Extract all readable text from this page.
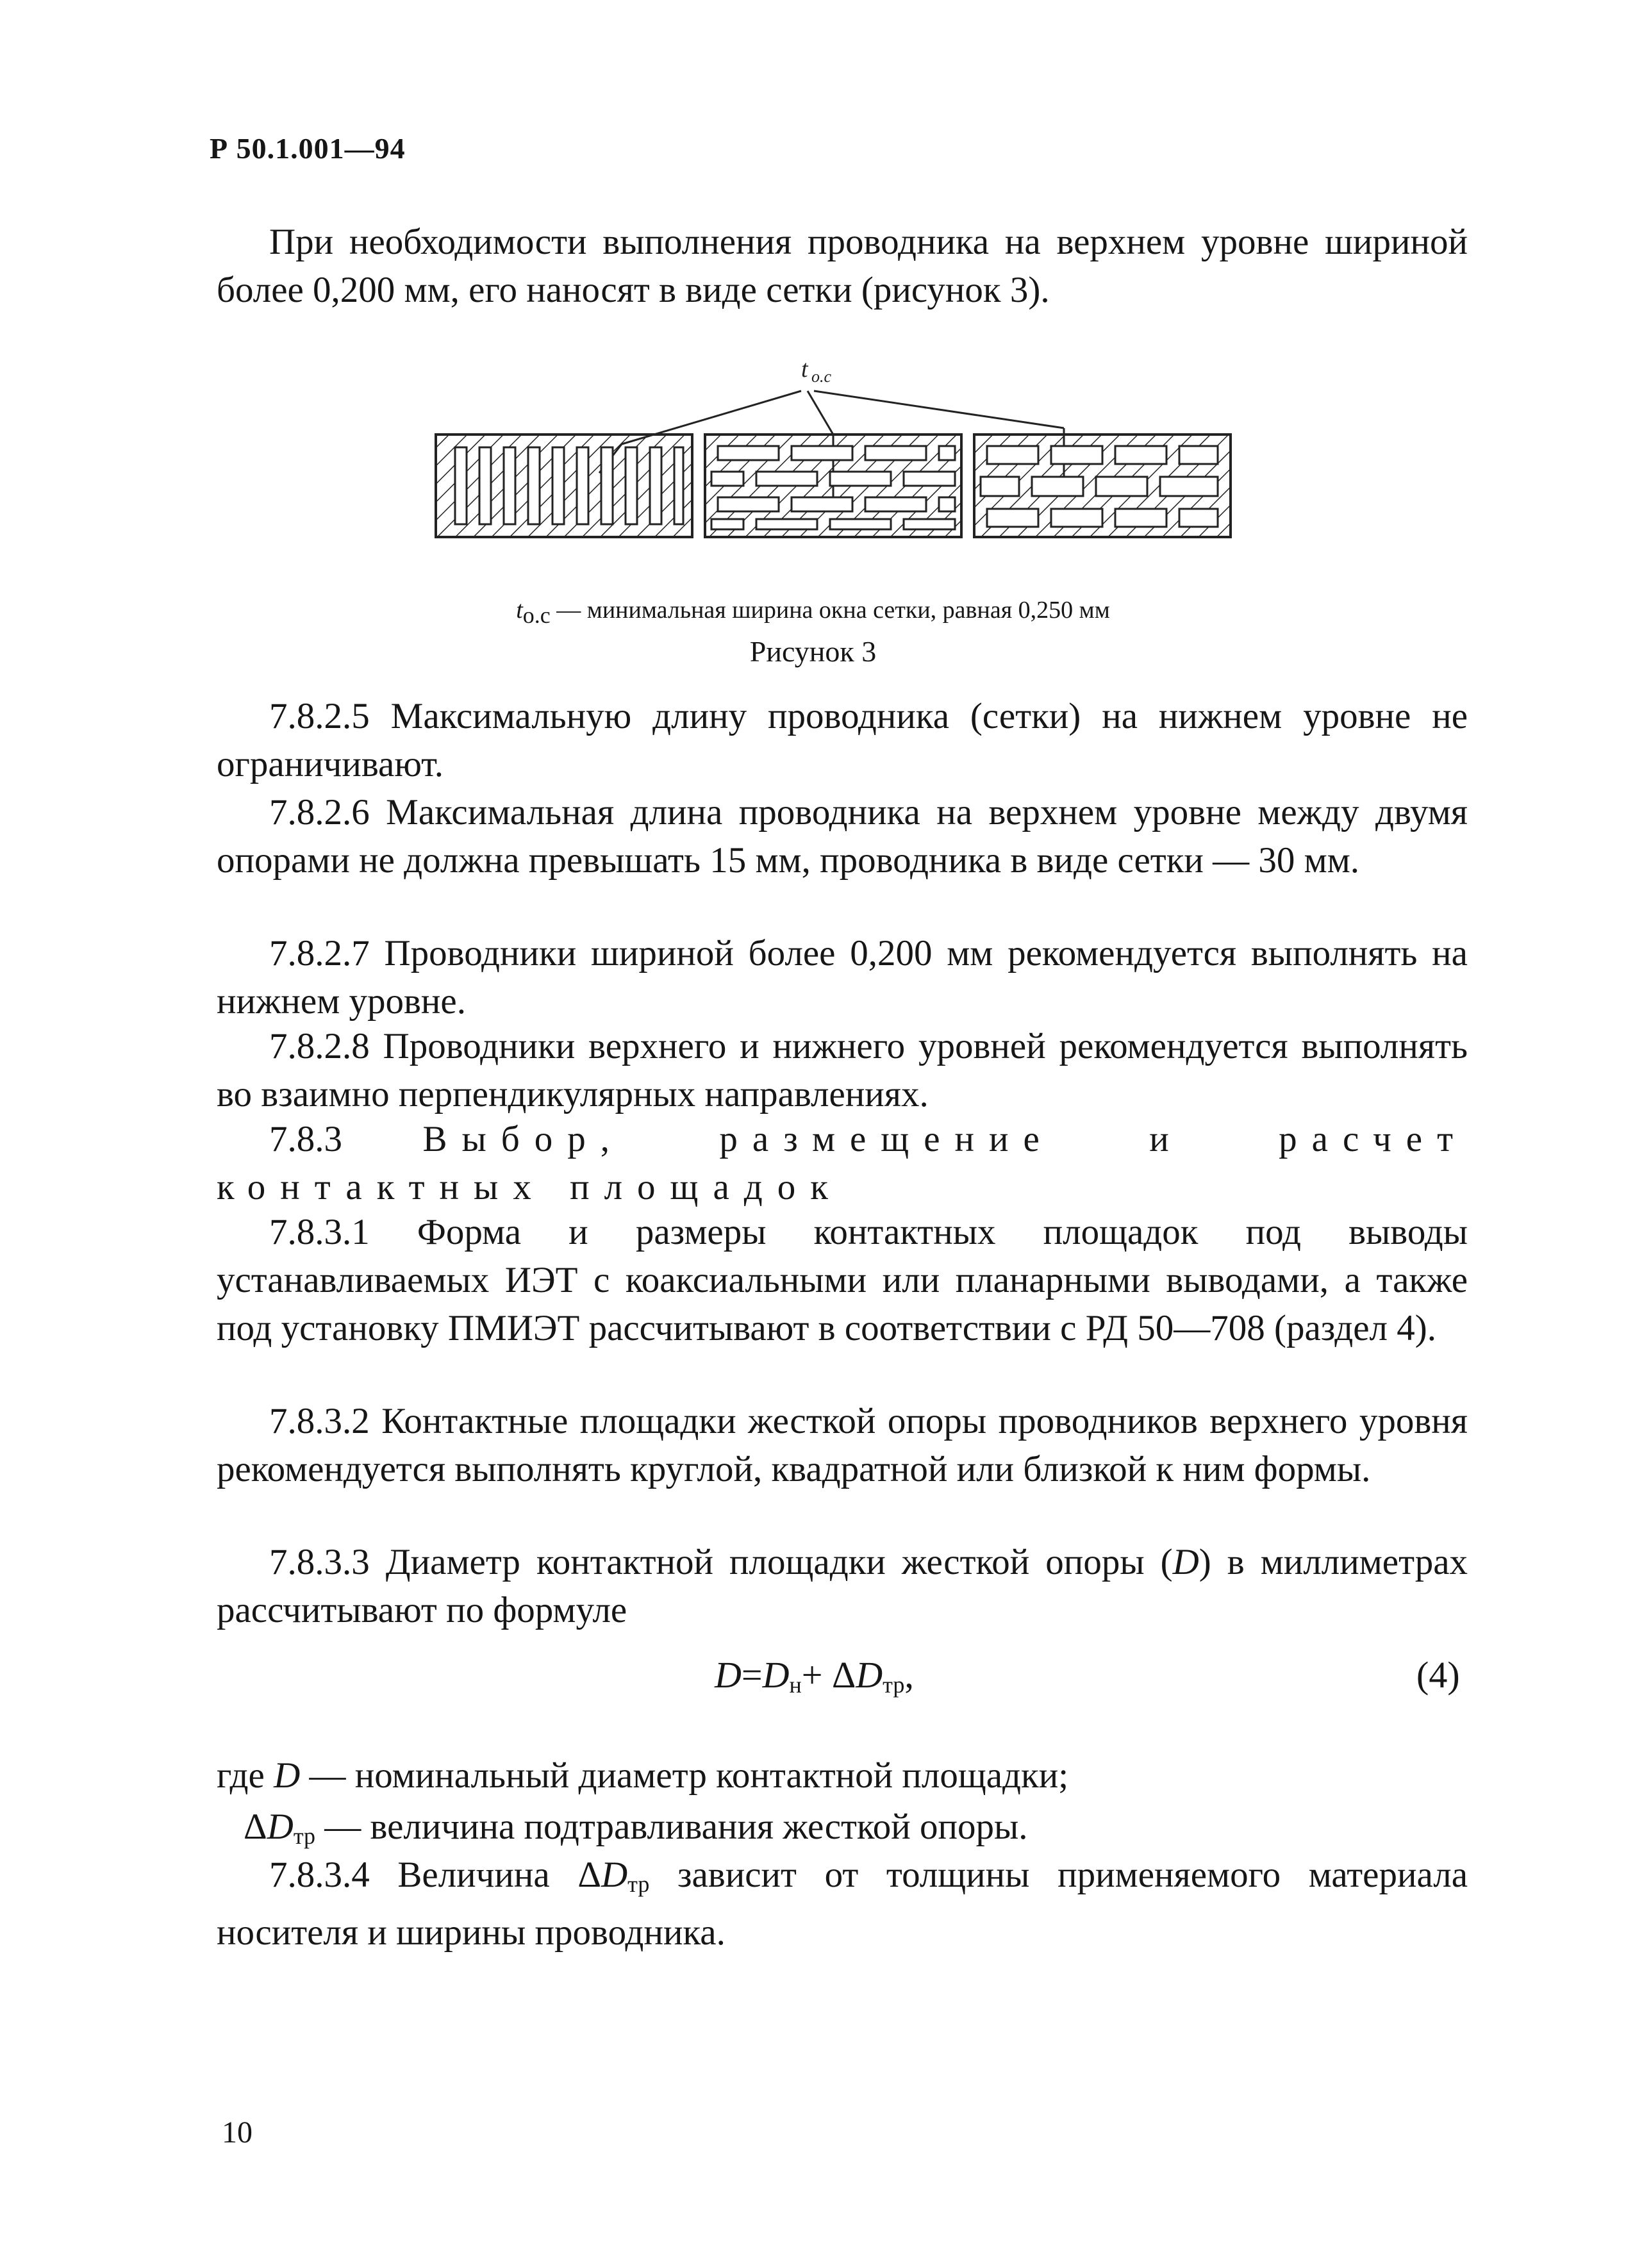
Р 50.1.001—94

При необходимости выполнения проводника на верхнем уровне шириной более 0,200 мм, его наносят в виде сетки (рисунок 3).

t о.с
tо.с — минимальная ширина окна сетки, равная 0,250 мм
Рисунок 3

7.8.2.5 Максимальную длину проводника (сетки) на нижнем уровне не ограничивают.

7.8.2.6 Максимальная длина проводника на верхнем уровне между двумя опорами не должна превышать 15 мм, проводника в виде сетки — 30 мм.

7.8.2.7 Проводники шириной более 0,200 мм рекомендуется выполнять на нижнем уровне.

7.8.2.8 Проводники верхнего и нижнего уровней рекомендуется выполнять во взаимно перпендикулярных направлениях.

7.8.3 Выбор, размещение и расчет контактных площадок

7.8.3.1 Форма и размеры контактных площадок под выводы устанавливаемых ИЭТ с коаксиальными или планарными выводами, а также под установку ПМИЭТ рассчитывают в соответствии с РД 50—708 (раздел 4).

7.8.3.2 Контактные площадки жесткой опоры проводников верхнего уровня рекомендуется выполнять круглой, квадратной или близкой к ним формы.

7.8.3.3 Диаметр контактной площадки жесткой опоры (D) в миллиметрах рассчитывают по формуле

$D=D_н+ \Delta D_{тр}$,	(4)
где D — номинальный диаметр контактной площадки;
$\Delta D_{тр}$ — величина подтравливания жесткой опоры.

7.8.3.4 Величина $\Delta D_{тр}$ зависит от толщины применяемого материала носителя и ширины проводника.

10
